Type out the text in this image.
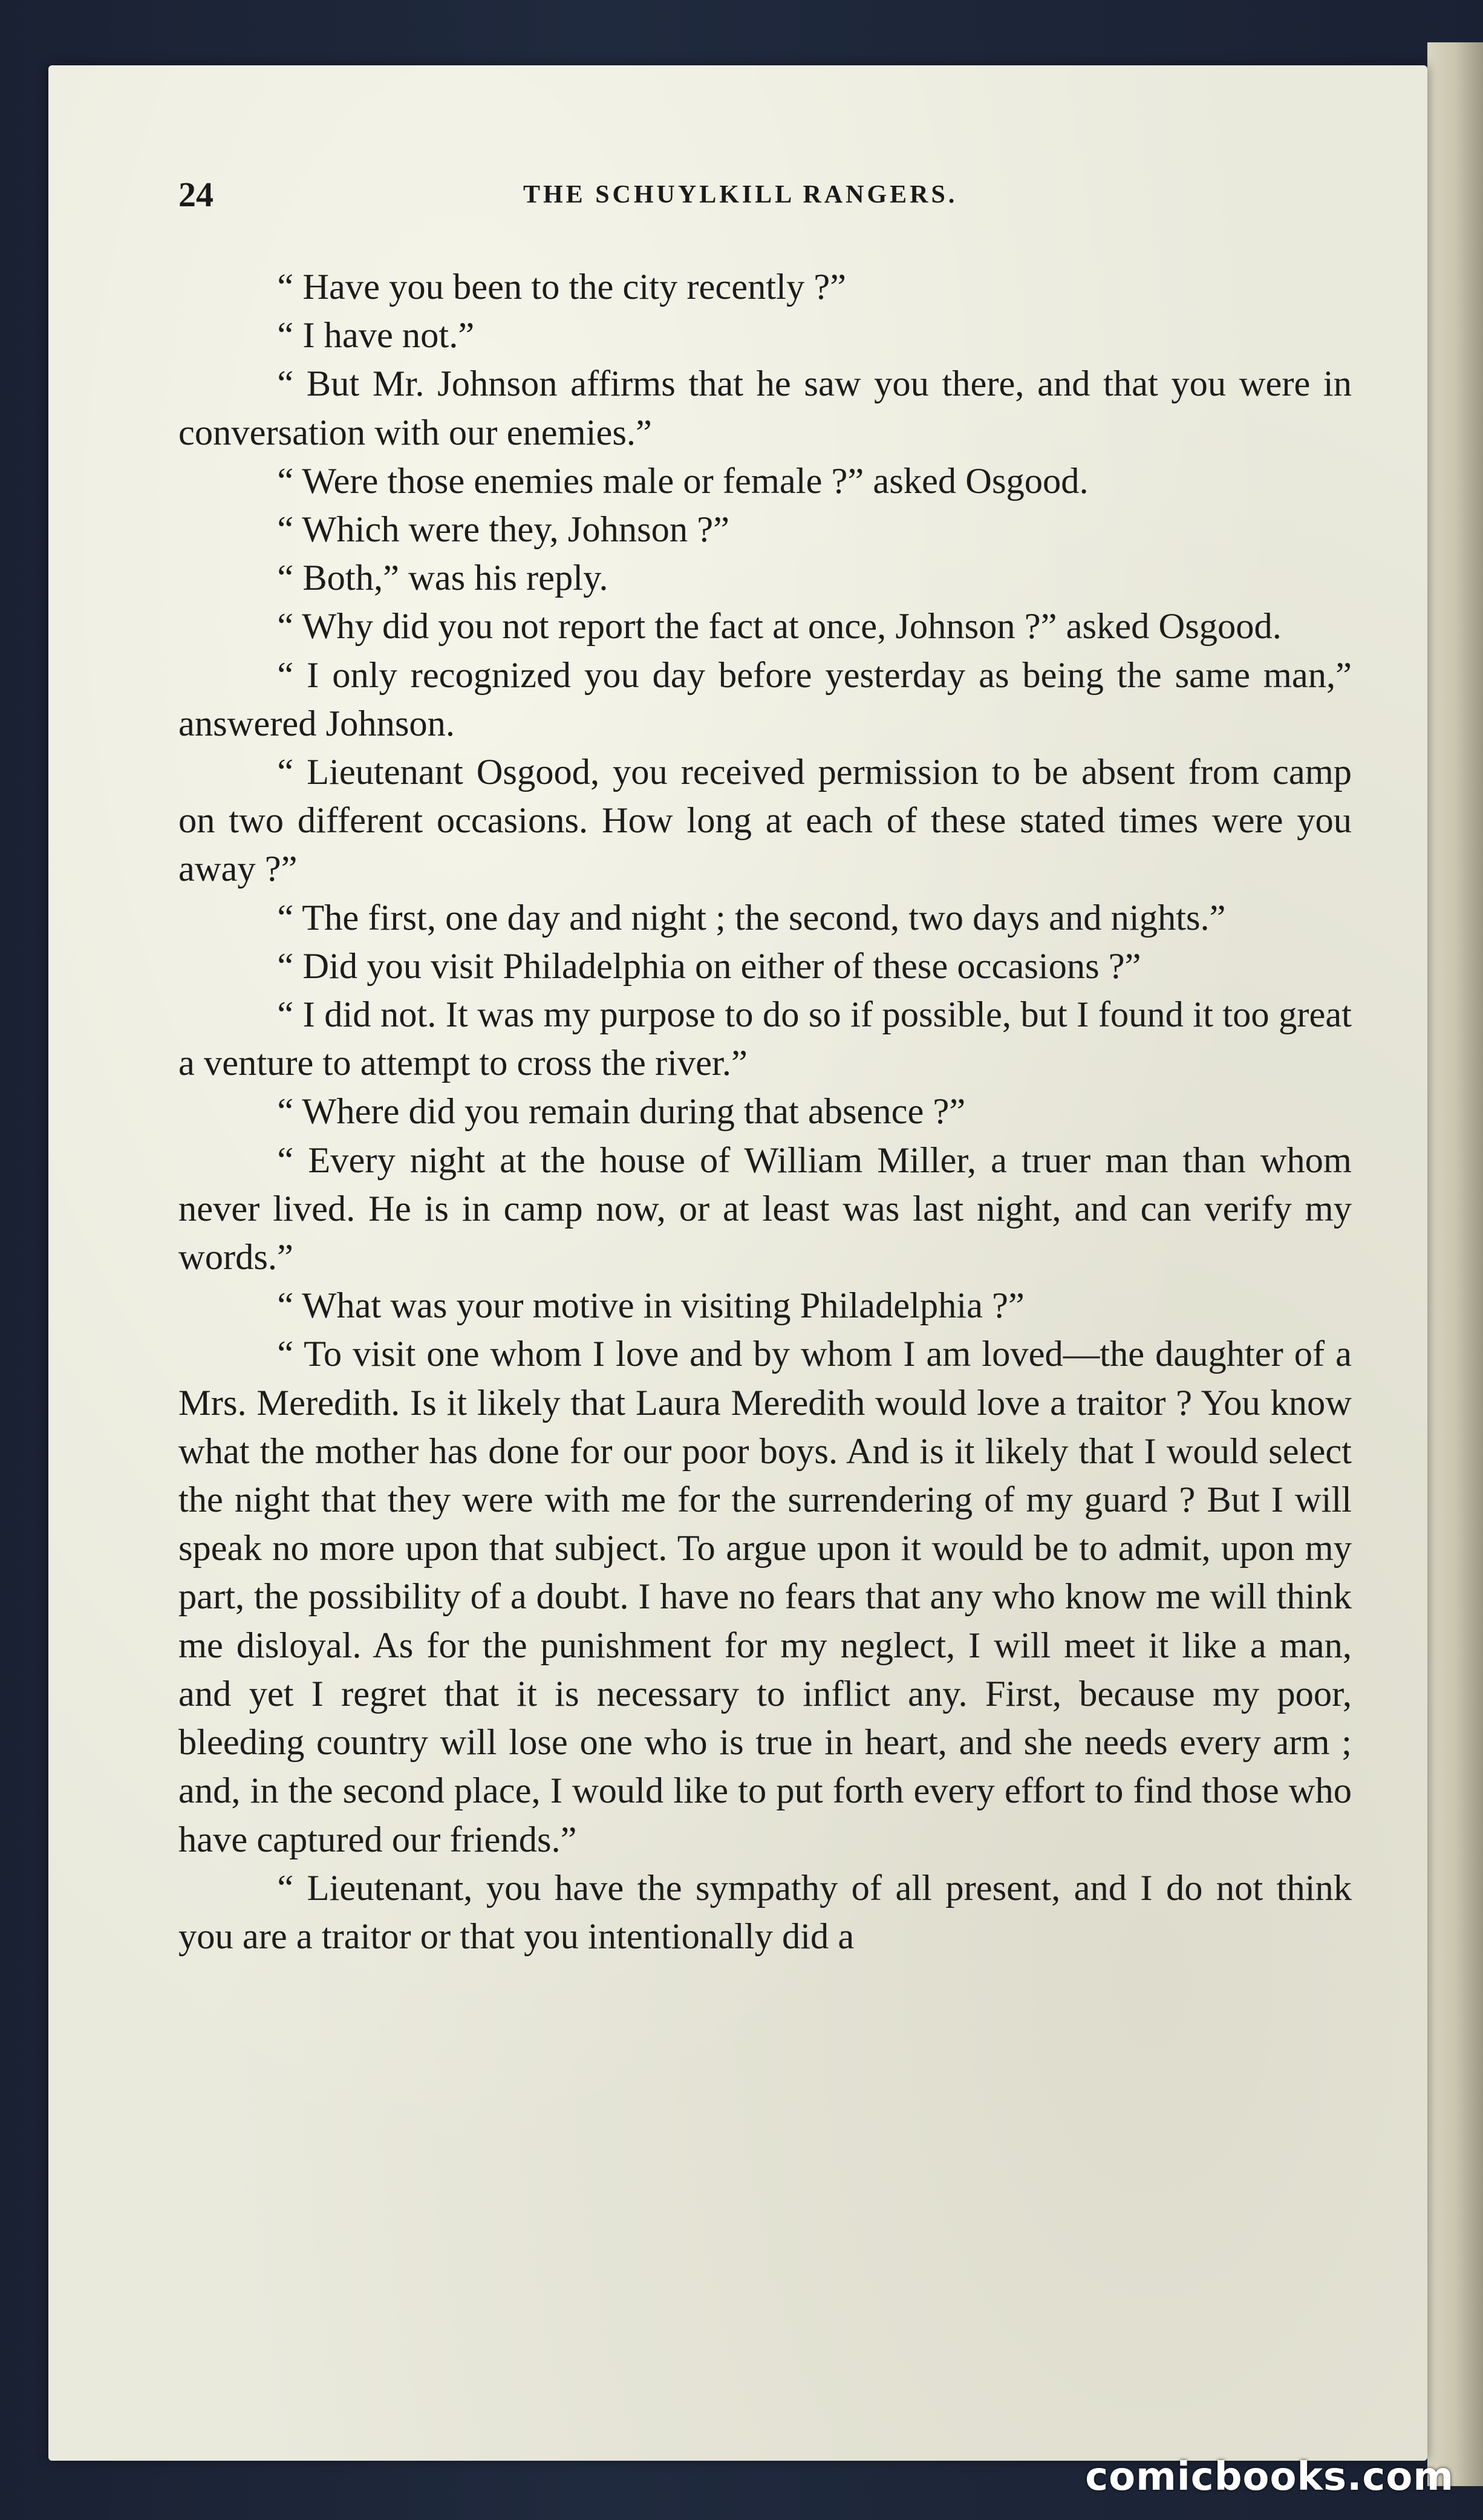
24	THE SCHUYLKILL RANGERS.

“ Have you been to the city recently ?”

“ I have not.”

“ But Mr. Johnson affirms that he saw you there, and that you were in conversation with our enemies.”

“ Were those enemies male or female ?” asked Osgood.

“ Which were they, Johnson ?”

“ Both,” was his reply.

“ Why did you not report the fact at once, Johnson ?” asked Osgood.

“ I only recognized you day before yesterday as being the same man,” answered Johnson.

“ Lieutenant Osgood, you received permission to be absent from camp on two different occasions. How long at each of these stated times were you away ?”

“ The first, one day and night ; the second, two days and nights.”

“ Did you visit Philadelphia on either of these occasions ?”

“ I did not. It was my purpose to do so if possible, but I found it too great a venture to attempt to cross the river.”

“ Where did you remain during that absence ?”

“ Every night at the house of William Miller, a truer man than whom never lived. He is in camp now, or at least was last night, and can verify my words.”

“ What was your motive in visiting Philadelphia ?”

“ To visit one whom I love and by whom I am loved—the daughter of a Mrs. Meredith. Is it likely that Laura Meredith would love a traitor ? You know what the mother has done for our poor boys. And is it likely that I would select the night that they were with me for the surrendering of my guard ? But I will speak no more upon that subject. To argue upon it would be to admit, upon my part, the possibility of a doubt. I have no fears that any who know me will think me disloyal. As for the punishment for my neglect, I will meet it like a man, and yet I regret that it is necessary to inflict any. First, because my poor, bleeding country will lose one who is true in heart, and she needs every arm ; and, in the second place, I would like to put forth every effort to find those who have captured our friends.”

“ Lieutenant, you have the sympathy of all present, and I do not think you are a traitor or that you intentionally did a

comicbooks.com
